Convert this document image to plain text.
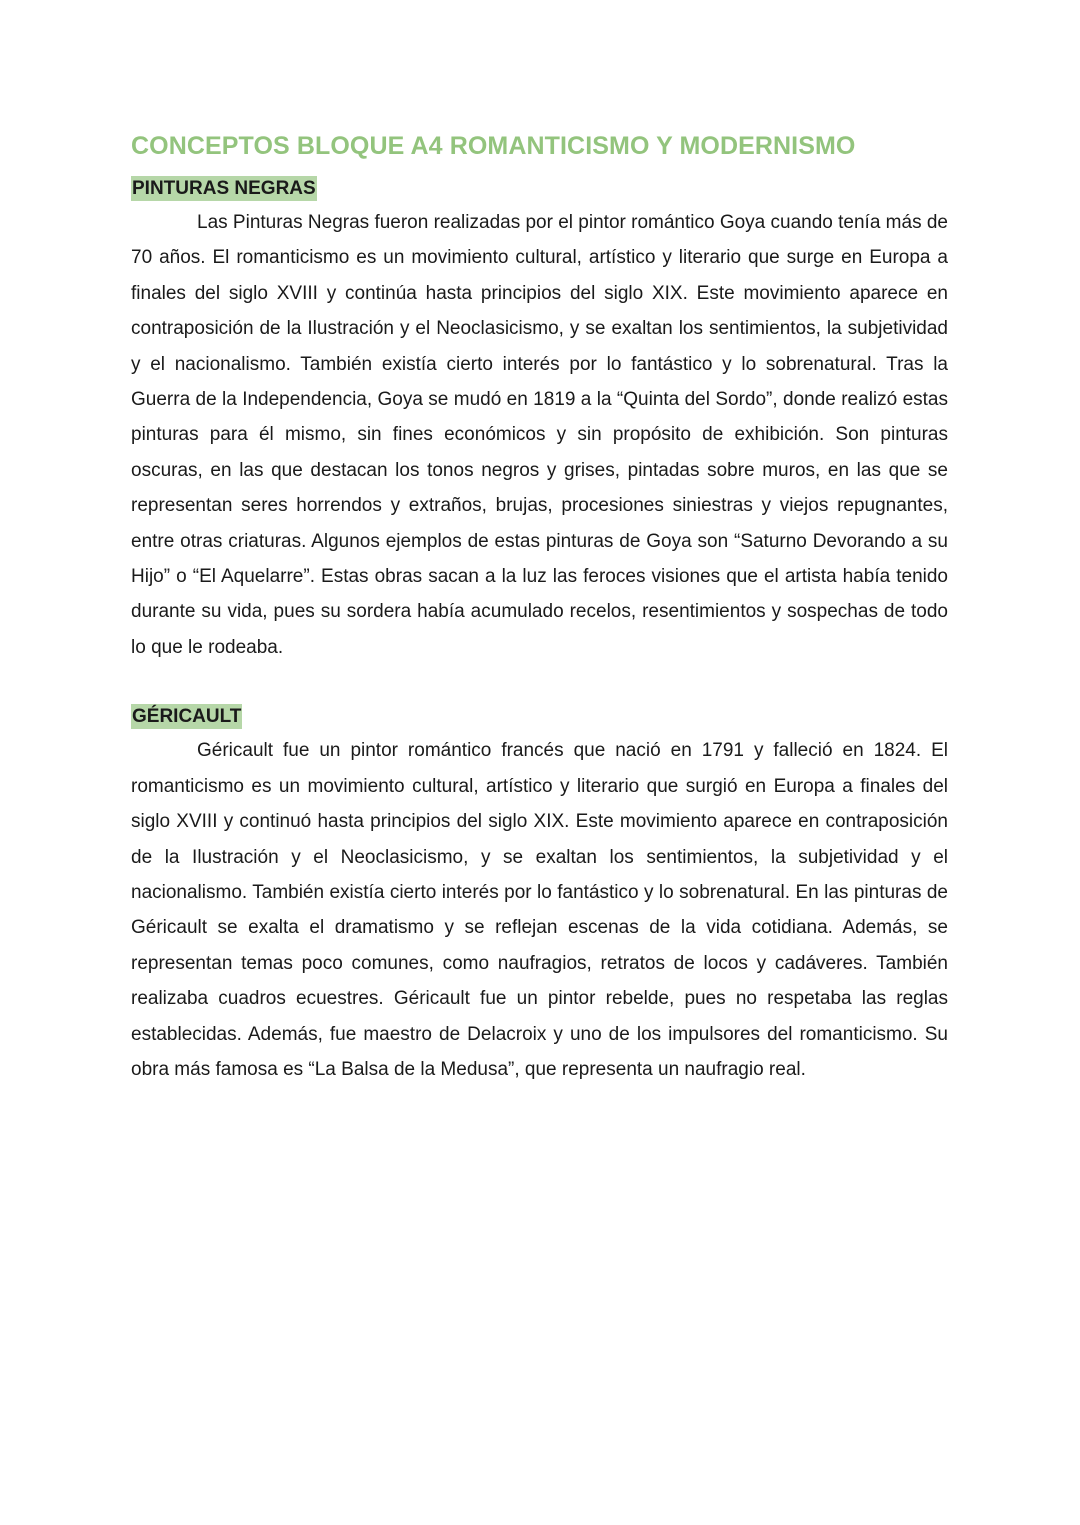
CONCEPTOS BLOQUE A4 ROMANTICISMO Y MODERNISMO
PINTURAS NEGRAS

Las Pinturas Negras fueron realizadas por el pintor romántico Goya cuando tenía más de 70 años. El romanticismo es un movimiento cultural, artístico y literario que surge en Europa a finales del siglo XVIII y continúa hasta principios del siglo XIX. Este movimiento aparece en contraposición de la Ilustración y el Neoclasicismo, y se exaltan los sentimientos, la subjetividad y el nacionalismo. También existía cierto interés por lo fantástico y lo sobrenatural. Tras la Guerra de la Independencia, Goya se mudó en 1819 a la “Quinta del Sordo”, donde realizó estas pinturas para él mismo, sin fines económicos y sin propósito de exhibición. Son pinturas oscuras, en las que destacan los tonos negros y grises, pintadas sobre muros, en las que se representan seres horrendos y extraños, brujas, procesiones siniestras y viejos repugnantes, entre otras criaturas. Algunos ejemplos de estas pinturas de Goya son “Saturno Devorando a su Hijo” o “El Aquelarre”. Estas obras sacan a la luz las feroces visiones que el artista había tenido durante su vida, pues su sordera había acumulado recelos, resentimientos y sospechas de todo lo que le rodeaba.

GÉRICAULT

Géricault fue un pintor romántico francés que nació en 1791 y falleció en 1824. El romanticismo es un movimiento cultural, artístico y literario que surgió en Europa a finales del siglo XVIII y continuó hasta principios del siglo XIX. Este movimiento aparece en contraposición de la Ilustración y el Neoclasicismo, y se exaltan los sentimientos, la subjetividad y el nacionalismo. También existía cierto interés por lo fantástico y lo sobrenatural. En las pinturas de Géricault se exalta el dramatismo y se reflejan escenas de la vida cotidiana. Además, se representan temas poco comunes, como naufragios, retratos de locos y cadáveres. También realizaba cuadros ecuestres. Géricault fue un pintor rebelde, pues no respetaba las reglas establecidas. Además, fue maestro de Delacroix y uno de los impulsores del romanticismo. Su obra más famosa es “La Balsa de la Medusa”, que representa un naufragio real.
